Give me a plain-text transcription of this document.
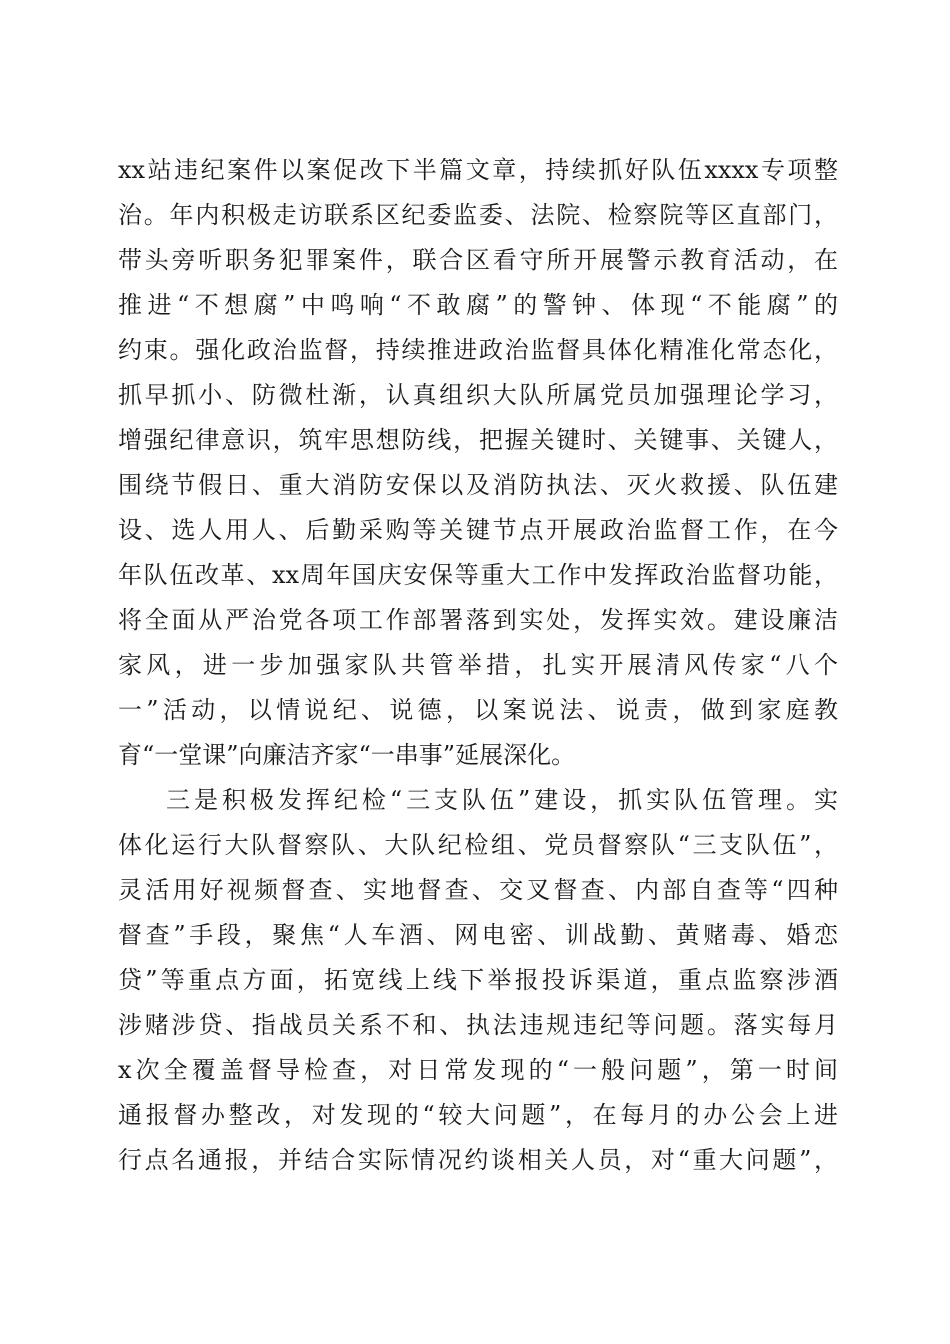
xx站违纪案件以案促改下半篇文章，持续抓好队伍xxxx专项整
治。年内积极走访联系区纪委监委、法院、检察院等区直部门，
带头旁听职务犯罪案件，联合区看守所开展警示教育活动，在
推进“不想腐”中鸣响“不敢腐”的警钟、体现“不能腐”的
约束。强化政治监督，持续推进政治监督具体化精准化常态化，
抓早抓小、防微杜渐，认真组织大队所属党员加强理论学习，
增强纪律意识，筑牢思想防线，把握关键时、关键事、关键人，
围绕节假日、重大消防安保以及消防执法、灭火救援、队伍建
设、选人用人、后勤采购等关键节点开展政治监督工作，在今
年队伍改革、xx周年国庆安保等重大工作中发挥政治监督功能，
将全面从严治党各项工作部署落到实处，发挥实效。建设廉洁
家风，进一步加强家队共管举措，扎实开展清风传家“八个
一”活动，以情说纪、说德，以案说法、说责，做到家庭教
育“一堂课”向廉洁齐家“一串事”延展深化。
三是积极发挥纪检“三支队伍”建设，抓实队伍管理。实
体化运行大队督察队、大队纪检组、党员督察队“三支队伍”，
灵活用好视频督查、实地督查、交叉督查、内部自查等“四种
督查”手段，聚焦“人车酒、网电密、训战勤、黄赌毒、婚恋
贷”等重点方面，拓宽线上线下举报投诉渠道，重点监察涉酒
涉赌涉贷、指战员关系不和、执法违规违纪等问题。落实每月
x次全覆盖督导检查，对日常发现的“一般问题”，第一时间
通报督办整改，对发现的“较大问题”，在每月的办公会上进
行点名通报，并结合实际情况约谈相关人员，对“重大问题”，
